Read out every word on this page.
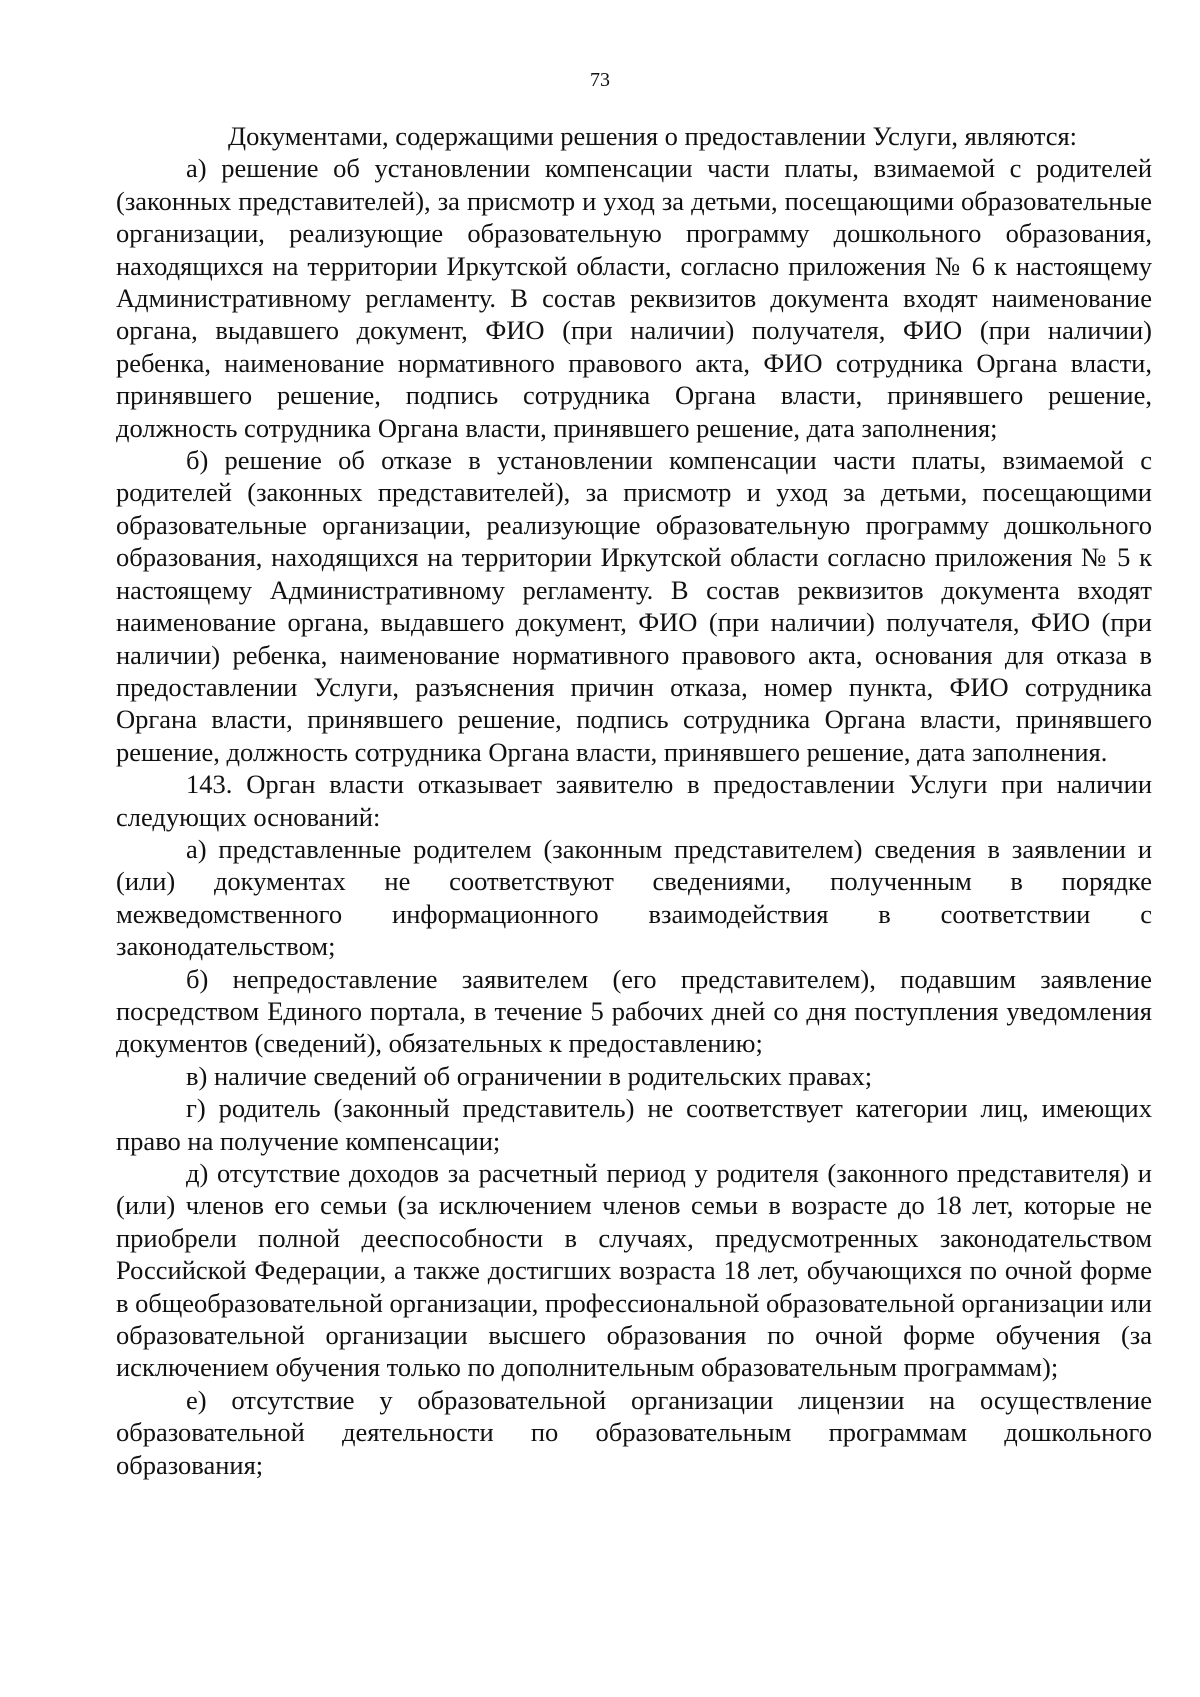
73

Документами, содержащими решения о предоставлении Услуги, являются:

а) решение об установлении компенсации части платы, взимаемой с родителей (законных представителей), за присмотр и уход за детьми, посещающими образовательные организации, реализующие образовательную программу дошкольного образования, находящихся на территории Иркутской области, согласно приложения № 6 к настоящему Административному регламенту. В состав реквизитов документа входят наименование органа, выдавшего документ, ФИО (при наличии) получателя, ФИО (при наличии) ребенка, наименование нормативного правового акта, ФИО сотрудника Органа власти, принявшего решение, подпись сотрудника Органа власти, принявшего решение, должность сотрудника Органа власти, принявшего решение, дата заполнения;

б) решение об отказе в установлении компенсации части платы, взимаемой с родителей (законных представителей), за присмотр и уход за детьми, посещающими образовательные организации, реализующие образовательную программу дошкольного образования, находящихся на территории Иркутской области согласно приложения № 5 к настоящему Административному регламенту. В состав реквизитов документа входят наименование органа, выдавшего документ, ФИО (при наличии) получателя, ФИО (при наличии) ребенка, наименование нормативного правового акта, основания для отказа в предоставлении Услуги, разъяснения причин отказа, номер пункта, ФИО сотрудника Органа власти, принявшего решение, подпись сотрудника Органа власти, принявшего решение, должность сотрудника Органа власти, принявшего решение, дата заполнения.

143. Орган власти отказывает заявителю в предоставлении Услуги при наличии следующих оснований:

а) представленные родителем (законным представителем) сведения в заявлении и (или) документах не соответствуют сведениями, полученным в порядке межведомственного информационного взаимодействия в соответствии с законодательством;

б) непредоставление заявителем (его представителем), подавшим заявление посредством Единого портала, в течение 5 рабочих дней со дня поступления уведомления документов (сведений), обязательных к предоставлению;

в) наличие сведений об ограничении в родительских правах;

г) родитель (законный представитель) не соответствует категории лиц, имеющих право на получение компенсации;

д) отсутствие доходов за расчетный период у родителя (законного представителя) и (или) членов его семьи (за исключением членов семьи в возрасте до 18 лет, которые не приобрели полной дееспособности в случаях, предусмотренных законодательством Российской Федерации, а также достигших возраста 18 лет, обучающихся по очной форме в общеобразовательной организации, профессиональной образовательной организации или образовательной организации высшего образования по очной форме обучения (за исключением обучения только по дополнительным образовательным программам);

е) отсутствие у образовательной организации лицензии на осуществление образовательной деятельности по образовательным программам дошкольного образования;
